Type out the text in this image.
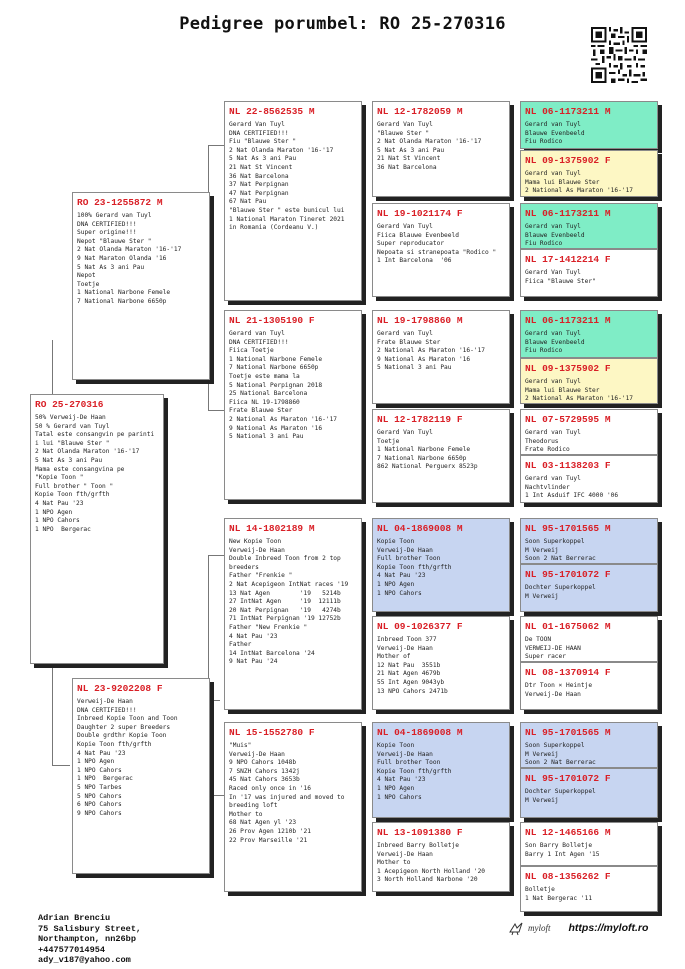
Pedigree porumbel: RO 25-270316
RO 25-270316
50% Verweij-De Haan
50 % Gerard van Tuyl
Tatal este consangvin pe parinti
i lui "Blauwe Ster "
2 Nat Olanda Maraton '16-'17
5 Nat As 3 ani Pau
Mama este consangvina pe
"Kopie Toon "
Full brother " Toon "
Kopie Toon fth/grfth
4 Nat Pau '23
1 NPO Agen
1 NPO Cahors
1 NPO  Bergerac
RO 23-1255872 M
100% Gerard van Tuyl
DNA CERTIFIED!!!
Super origine!!!
Nepot "Blauwe Ster "
2 Nat Olanda Maraton '16-'17
9 Nat Maraton Olanda '16
5 Nat As 3 ani Pau
Nepot
Toetje
1 National Narbone Femele
7 National Narbone 6650p
NL 23-9202208 F
Verweij-De Haan
DNA CERTIFIED!!!
Inbreed Kopie Toon and Toon
Daughter 2 super Breeders
Double grdthr Kopie Toon
Kopie Toon fth/grfth
4 Nat Pau '23
1 NPO Agen
1 NPO Cahors
1 NPO  Bergerac
5 NPO Tarbes
5 NPO Cahors
6 NPO Cahors
9 NPO Cahors
NL 22-8562535 M
Gerard Van Tuyl
DNA CERTIFIED!!!
Fiu "Blauwe Ster "
2 Nat Olanda Maraton '16-'17
5 Nat As 3 ani Pau
21 Nat St Vincent
36 Nat Barcelona
37 Nat Perpignan
47 Nat Perpignan
67 Nat Pau
"Blauwe Ster " este bunicul lui
1 National Maraton Tineret 2021
in Romania (Cordeanu V.)
NL 21-1305190 F
Gerard van Tuyl
DNA CERTIFIED!!!
Fiica Toetje
1 National Narbone Femele
7 National Narbone 6650p
Toetje este mama la
5 National Perpignan 2018
25 National Barcelona
Fiica NL 19-1798860
Frate Blauwe Ster
2 National As Maraton '16-'17
9 National As Maraton '16
5 National 3 ani Pau
NL 14-1802189 M
New Kopie Toon
Verweij-De Haan
Double Inbreed Toon from 2 top
breeders
Father "Frenkie "
2 Nat Acepigeon IntNat races '19
13 Nat Agen        '19   5214b
27 IntNat Agen     '19  12111b
20 Nat Perpignan   '19   4274b
71 IntNat Perpignan '19 12752b
Father "New Frenkie "
4 Nat Pau '23
Father
14 IntNat Barcelona '24
9 Nat Pau '24
NL 15-1552780 F
"Muis"
Verweij-De Haan
9 NPO Cahors 1048b
7 SNZH Cahors 1342j
45 Nat Cahors 3653b
Raced only once in '16
In '17 was injured and moved to
breeding loft
Mother to
68 Nat Agen yl '23
26 Prov Agen 1210b '21
22 Prov Marseille '21
NL 12-1782059 M
Gerard Van Tuyl
"Blauwe Ster "
2 Nat Olanda Maraton '16-'17
5 Nat As 3 ani Pau
21 Nat St Vincent
36 Nat Barcelona
NL 19-1021174 F
Gerard Van Tuyl
Fiica Blauwe Evenbeeld
Super reproducator
Nepoata si stranepoata "Rodico "
1 Int Barcelona  '06
NL 19-1798860 M
Gerard van Tuyl
Frate Blauwe Ster
2 National As Maraton '16-'17
9 National As Maraton '16
5 National 3 ani Pau
NL 12-1782119 F
Gerard Van Tuyl
Toetje
1 National Narbone Femele
7 National Narbone 6650p
862 National Perguerx 8523p
NL 04-1869008 M
Kopie Toon
Verweij-De Haan
Full brother Toon
Kopie Toon fth/grfth
4 Nat Pau '23
1 NPO Agen
1 NPO Cahors
NL 09-1026377 F
Inbreed Toon 377
Verweij-De Haan
Mother of
12 Nat Pau  3551b
21 Nat Agen 4679b
55 Int Agen 9043yb
13 NPO Cahors 2471b
NL 04-1869008 M
Kopie Toon
Verweij-De Haan
Full brother Toon
Kopie Toon fth/grfth
4 Nat Pau '23
1 NPO Agen
1 NPO Cahors
NL 13-1091380 F
Inbreed Barry Bolletje
Verweij-De Haan
Mother to
1 Acepigeon North Holland '20
3 North Holland Narbone '20
NL 06-1173211 M
Gerard van Tuyl
Blauwe Evenbeeld
Fiu Rodico
NL 09-1375902 F
Gerard van Tuyl
Mama lui Blauwe Ster
2 National As Maraton '16-'17
NL 06-1173211 M
Gerard van Tuyl
Blauwe Evenbeeld
Fiu Rodico
NL 17-1412214 F
Gerard Van Tuyl
Fiica "Blauwe Ster"
NL 06-1173211 M
Gerard van Tuyl
Blauwe Evenbeeld
Fiu Rodico
NL 09-1375902 F
Gerard van Tuyl
Mama lui Blauwe Ster
2 National As Maraton '16-'17
NL 07-5729595 M
Gerard van Tuyl
Theodorus
Frate Rodico
NL 03-1138203 F
Gerard van Tuyl
Nachtvlinder
1 Int Asduif IFC 4000 '06
NL 95-1701565 M
Soon Superkoppel
M Verweij
Soon 2 Nat Berrerac
NL 95-1701072 F
Dochter Superkoppel
M Verweij
NL 01-1675062 M
De TOON
VERWEIJ-DE HAAN
Super racer
NL 08-1370914 F
Dtr Toon × Heintje
Verweij-De Haan
NL 95-1701565 M
Soon Superkoppel
M Verweij
Soon 2 Nat Berrerac
NL 95-1701072 F
Dochter Superkoppel
M Verweij
NL 12-1465166 M
Son Barry Bolletje
Barry 1 Int Agen '15
NL 08-1356262 F
Bolletje
1 Nat Bergerac '11
Adrian Brenciu
75 Salisbury Street,
Northampton, nn26bp
+447577014954
ady_v187@yahoo.com
myloft https://myloft.ro
